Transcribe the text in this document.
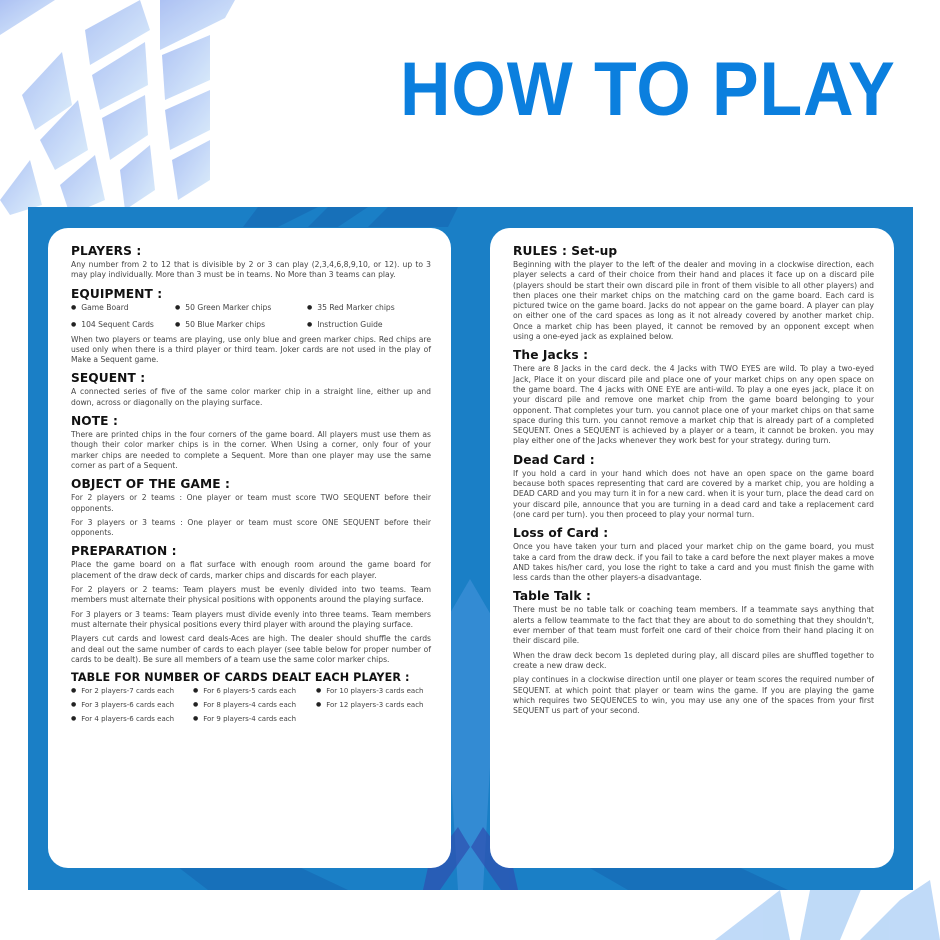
HOW TO PLAY
PLAYERS :

Any number from 2 to 12 that is divisible by 2 or 3 can play (2,3,4,6,8,9,10, or 12). up to 3 may play individually. More than 3 must be in teams. No More than 3 teams can play.

EQUIPMENT :
● Game Board	● 50 Green Marker chips	● 35 Red Marker chips
● 104 Sequent Cards	● 50 Blue Marker chips	● Instruction Guide

When two players or teams are playing, use only blue and green marker chips. Red chips are used only when there is a third player or third team. Joker cards are not used in the play of Make a Sequent game.

SEQUENT :

A connected series of five of the same color marker chip in a straight line, either up and down, across or diagonally on the playing surface.

NOTE :

There are printed chips in the four corners of the game board. All players must use them as though their color marker chips is in the corner. When Using a corner, only four of your marker chips are needed to complete a Sequent. More than one player may use the same corner as part of a Sequent.

OBJECT OF THE GAME :

For 2 players or 2 teams : One player or team must score TWO SEQUENT before their opponents.

For 3 players or 3 teams : One player or team must score ONE SEQUENT before their opponents.

PREPARATION :

Place the game board on a flat surface with enough room around the game board for placement of the draw deck of cards, marker chips and discards for each player.

For 2 players or 2 teams: Team players must be evenly divided into two teams. Team members must alternate their physical positions with opponents around the playing surface.

For 3 players or 3 teams: Team players must divide evenly into three teams. Team members must alternate their physical positions every third player with around the playing surface.

Players cut cards and lowest card deals-Aces are high. The dealer should shuffle the cards and deal out the same number of cards to each player (see table below for proper number of cards to be dealt). Be sure all members of a team use the same color marker chips.

TABLE FOR NUMBER OF CARDS DEALT EACH PLAYER :
● For 2 players-7 cards each	● For 6 players-5 cards each	● For 10 players-3 cards each
● For 3 players-6 cards each	● For 8 players-4 cards each	● For 12 players-3 cards each
● For 4 players-6 cards each	● For 9 players-4 cards each
RULES : Set-up

Beginning with the player to the left of the dealer and moving in a clockwise direction, each player selects a card of their choice from their hand and places it face up on a discard pile (players should be start their own discard pile in front of them visible to all other players) and then places one their market chips on the matching card on the game board. Each card is pictured twice on the game board. Jacks do not appear on the game board. A player can play on either one of the card spaces as long as it not already covered by another market chip. Once a market chip has been played, it cannot be removed by an opponent except when using a one-eyed jack as explained below.

The Jacks :

There are 8 Jacks in the card deck. the 4 Jacks with TWO EYES are wild. To play a two-eyed Jack, Place it on your discard pile and place one of your market chips on any open space on the game board. The 4 jacks with ONE EYE are anti-wild. To play a one eyes jack, place it on your discard pile and remove one market chip from the game board belonging to your opponent. That completes your turn. you cannot place one of your market chips on that same space during this turn. you cannot remove a market chip that is already part of a completed SEQUENT. Ones a SEQUENT is achieved by a player or a team, it cannot be broken. you may play either one of the Jacks whenever they work best for your strategy. during turn.

Dead Card :

If you hold a card in your hand which does not have an open space on the game board because both spaces representing that card are covered by a market chip, you are holding a DEAD CARD and you may turn it in for a new card. when it is your turn, place the dead card on your discard pile, announce that you are turning in a dead card and take a replacement card (one card per turn). you then proceed to play your normal turn.

Loss of Card :

Once you have taken your turn and placed your market chip on the game board, you must take a card from the draw deck. if you fail to take a card before the next player makes a move AND takes his/her card, you lose the right to take a card and you must finish the game with less cards than the other players-a disadvantage.

Table Talk :

There must be no table talk or coaching team members. If a teammate says anything that alerts a fellow teammate to the fact that they are about to do something that they shouldn't, ever member of that team must forfeit one card of their choice from their hand placing it on their discard pile.

When the draw deck becom 1s depleted during play, all discard piles are shuffled together to create a new draw deck.

play continues in a clockwise direction until one player or team scores the required number of SEQUENT. at which point that player or team wins the game. If you are playing the game which requires two SEQUENCES to win, you may use any one of the spaces from your first SEQUENT us part of your second.
